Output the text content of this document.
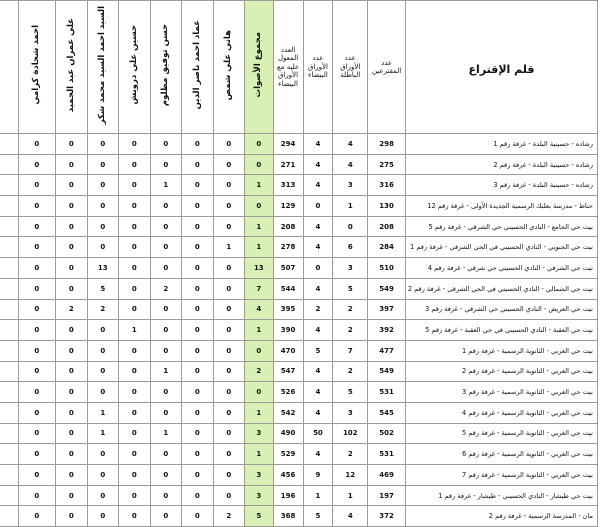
قلم الإقتراع	عدد المقترعين	عدد الأوراق الباطلة	عدد الأوراق البيضاء	العدد المعول عليه مع الأوراق البيضاء	مجموع الأصوات	هاني علي شمص	عماد احمد ناصر الدين	حسن توفيق مظلوم	حسين علي درويش	السيد احمد السيد محمد شكر	علي عمران عبد الحميد	احمد شحادة كرامي	
رشاده - حسينية البلدة - غرفة رقم 1	298	4	4	294	0	0	0	0	0	0	0	0	
رشاده - حسينية البلدة - غرفة رقم 2	275	4	4	271	0	0	0	0	0	0	0	0	
رشاده - حسينية البلدة - غرفة رقم 3	316	3	4	313	1	0	0	1	0	0	0	0	
حناط - مدرسة بعلبك الرسمية الجديدة الأولى - غرفة رقم 12	130	1	0	129	0	0	0	0	0	0	0	0	
نيت حي الجامع - النادي الحسيني حي الشرقي - غرفة رقم 5	208	0	4	208	1	0	0	0	0	0	0	0	
نيت حي الجنوبي - النادي الحسيني في الحي الشرقي - غرفة رقم 1	284	6	4	278	1	1	0	0	0	0	0	0	
نيت حي الشرقي - النادي الحسيني حي شرقي - غرفة رقم 4	510	3	0	507	13	0	0	0	0	13	0	0	
نيت حي الشمالي - النادي الحسيني في الحي الشرقي - غرفة رقم 2	549	5	4	544	7	0	0	2	0	5	0	0	
نيت حي العريض - النادي الحسيني حي الشرقي - غرفة رقم 3	397	2	2	395	4	0	0	0	0	2	2	0	
نيت حي العقبة - النادي الحسيني في حي العقبة - غرفة رقم 5	392	2	4	390	1	0	0	0	1	0	0	0	
نيت حي الغربي - الثانوية الرسمية - غرفة رقم 1	477	7	5	470	0	0	0	0	0	0	0	0	
نيت حي الغربي - الثانوية الرسمية - غرفة رقم 2	549	2	4	547	2	0	0	1	0	0	0	0	
نيت حي الغربي - الثانوية الرسمية - غرفة رقم 3	531	5	4	526	0	0	0	0	0	0	0	0	
نيت حي الغربي - الثانوية الرسمية - غرفة رقم 4	545	3	4	542	1	0	0	0	0	1	0	0	
نيت حي الغربي - الثانوية الرسمية - غرفة رقم 5	502	102	50	490	3	0	0	1	0	1	0	0	
نيت حي الغربي - الثانوية الرسمية - غرفة رقم 6	531	2	4	529	1	0	0	0	0	0	0	0	
نيت حي الغربي - الثانوية الرسمية - غرفة رقم 7	469	12	9	456	3	0	0	0	0	0	0	0	
نيت حي طيشار - النادي الحسيني - طيشار - غرفة رقم 1	197	1	1	196	3	0	0	0	0	0	0	0	
مان - المدرسة الرسمية - غرفة رقم 2	372	4	5	368	5	2	0	0	0	0	0	0	
